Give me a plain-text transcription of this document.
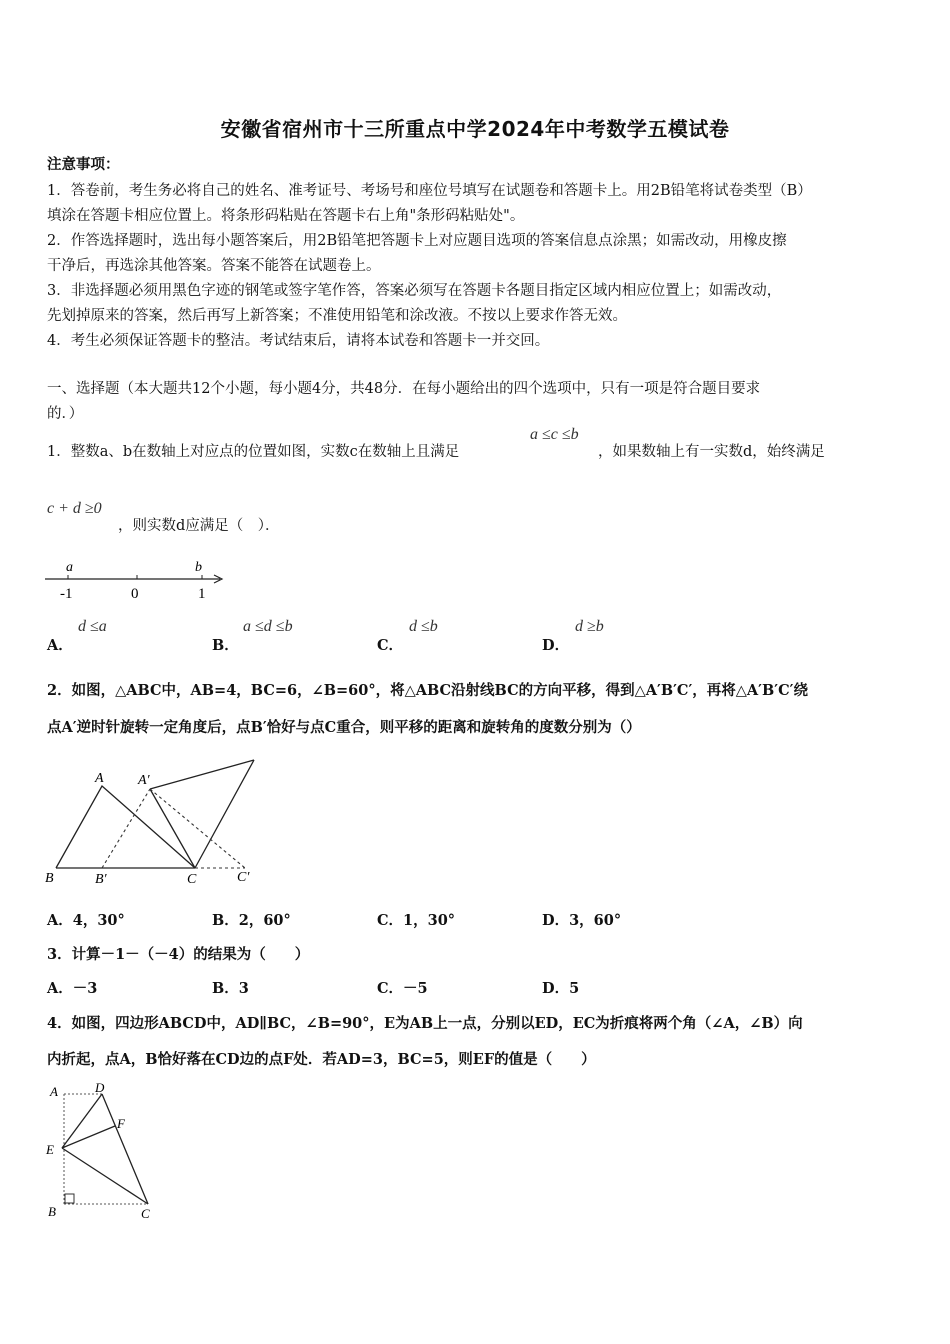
安徽省宿州市十三所重点中学2024年中考数学五模试卷
注意事项：
1．答卷前，考生务必将自己的姓名、准考证号、考场号和座位号填写在试题卷和答题卡上。用2B铅笔将试卷类型（B）
填涂在答题卡相应位置上。将条形码粘贴在答题卡右上角"条形码粘贴处"。
2．作答选择题时，选出每小题答案后，用2B铅笔把答题卡上对应题目选项的答案信息点涂黑；如需改动，用橡皮擦
干净后，再选涂其他答案。答案不能答在试题卷上。
3．非选择题必须用黑色字迹的钢笔或签字笔作答，答案必须写在答题卡各题目指定区域内相应位置上；如需改动，
先划掉原来的答案，然后再写上新答案；不准使用铅笔和涂改液。不按以上要求作答无效。
4．考生必须保证答题卡的整洁。考试结束后，请将本试卷和答题卡一并交回。
一、选择题（本大题共12个小题，每小题4分，共48分．在每小题给出的四个选项中，只有一项是符合题目要求
的．）
1．整数a、b在数轴上对应点的位置如图，实数c在数轴上且满足
a ≤c ≤b
，如果数轴上有一实数d，始终满足
c + d ≥0
，则实数d应满足（　）．
a	b
-1	0	1
A．
d ≤a
B．
a ≤d ≤b
C．
d ≤b
D．
d ≥b
2．如图，△ABC中，AB=4，BC=6，∠B=60°，将△ABC沿射线BC的方向平移，得到△A′B′C′，再将△A′B′C′绕
点A′逆时针旋转一定角度后，点B′恰好与点C重合，则平移的距离和旋转角的度数分别为（）
A A′
B	B′	C	C′
A．4，30°	B．2，60°	C．1，30°	D．3，60°
3．计算－1－（－4）的结果为（　　）
A．－3	B．3	C．－5	D．5
4．如图，四边形ABCD中，AD∥BC，∠B=90°，E为AB上一点，分别以ED，EC为折痕将两个角（∠A，∠B）向
内折起，点A，B恰好落在CD边的点F处．若AD=3，BC=5，则EF的值是（　　）
A	D
F
E
B	C
